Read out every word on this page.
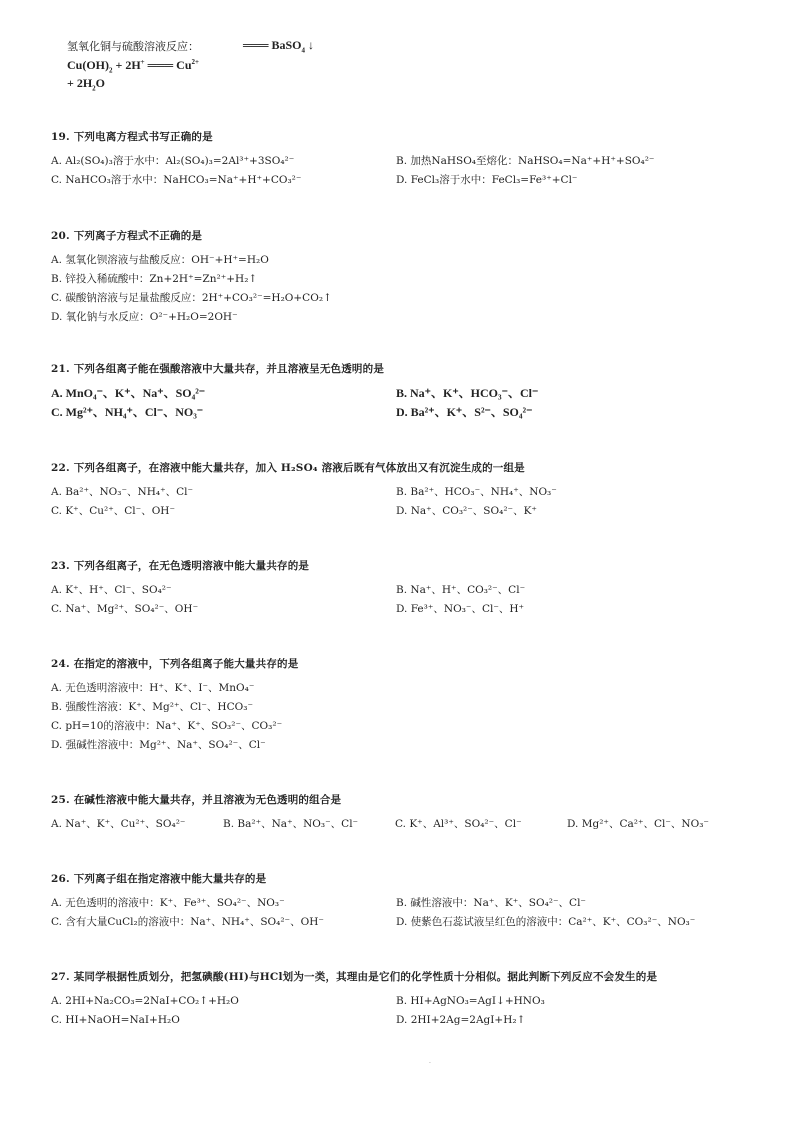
氢氧化铜与硫酸溶液反应：
$Cu(OH)_2 + 2H^+$ ═══ $Cu^{2+}$
+ $2H_2O$
═══ BaSO$_4$ ↓
19. 下列电离方程式书写正确的是
A. Al₂(SO₄)₃溶于水中：Al₂(SO₄)₃=2Al³⁺+3SO₄²⁻	B. 加热NaHSO₄至熔化：NaHSO₄=Na⁺+H⁺+SO₄²⁻
C. NaHCO₃溶于水中：NaHCO₃=Na⁺+H⁺+CO₃²⁻	D. FeCl₃溶于水中：FeCl₃=Fe³⁺+Cl⁻
20. 下列离子方程式不正确的是
A. 氢氧化钡溶液与盐酸反应：OH⁻+H⁺=H₂O
B. 锌投入稀硫酸中：Zn+2H⁺=Zn²⁺+H₂↑
C. 碳酸钠溶液与足量盐酸反应：2H⁺+CO₃²⁻=H₂O+CO₂↑
D. 氧化钠与水反应：O²⁻+H₂O=2OH⁻
21. 下列各组离子能在强酸溶液中大量共存，并且溶液呈无色透明的是
A. MnO₄⁻、K⁺、Na⁺、SO₄²⁻	B. Na⁺、K⁺、HCO₃⁻、Cl⁻
C. Mg²⁺、NH₄⁺、Cl⁻、NO₃⁻	D. Ba²⁺、K⁺、S²⁻、SO₄²⁻
22. 下列各组离子，在溶液中能大量共存，加入 H₂SO₄ 溶液后既有气体放出又有沉淀生成的一组是
A. Ba²⁺、NO₃⁻、NH₄⁺、Cl⁻	B. Ba²⁺、HCO₃⁻、NH₄⁺、NO₃⁻
C. K⁺、Cu²⁺、Cl⁻、OH⁻	D. Na⁺、CO₃²⁻、SO₄²⁻、K⁺
23. 下列各组离子，在无色透明溶液中能大量共存的是
A. K⁺、H⁺、Cl⁻、SO₄²⁻	B. Na⁺、H⁺、CO₃²⁻、Cl⁻
C. Na⁺、Mg²⁺、SO₄²⁻、OH⁻	D. Fe³⁺、NO₃⁻、Cl⁻、H⁺
24. 在指定的溶液中，下列各组离子能大量共存的是
A. 无色透明溶液中：H⁺、K⁺、I⁻、MnO₄⁻
B. 强酸性溶液：K⁺、Mg²⁺、Cl⁻、HCO₃⁻
C. pH=10的溶液中：Na⁺、K⁺、SO₃²⁻、CO₃²⁻
D. 强碱性溶液中：Mg²⁺、Na⁺、SO₄²⁻、Cl⁻
25. 在碱性溶液中能大量共存，并且溶液为无色透明的组合是
A. Na⁺、K⁺、Cu²⁺、SO₄²⁻	B. Ba²⁺、Na⁺、NO₃⁻、Cl⁻	C. K⁺、Al³⁺、SO₄²⁻、Cl⁻	D. Mg²⁺、Ca²⁺、Cl⁻、NO₃⁻
26. 下列离子组在指定溶液中能大量共存的是
A. 无色透明的溶液中：K⁺、Fe³⁺、SO₄²⁻、NO₃⁻	B. 碱性溶液中：Na⁺、K⁺、SO₄²⁻、Cl⁻
C. 含有大量CuCl₂的溶液中：Na⁺、NH₄⁺、SO₄²⁻、OH⁻	D. 使紫色石蕊试液呈红色的溶液中：Ca²⁺、K⁺、CO₃²⁻、NO₃⁻
27. 某同学根据性质划分，把氢碘酸(HI)与HCl划为一类，其理由是它们的化学性质十分相似。据此判断下列反应不会发生的是
A. 2HI+Na₂CO₃=2NaI+CO₂↑+H₂O	B. HI+AgNO₃=AgI↓+HNO₃
C. HI+NaOH=NaI+H₂O	D. 2HI+2Ag=2AgI+H₂↑
.
